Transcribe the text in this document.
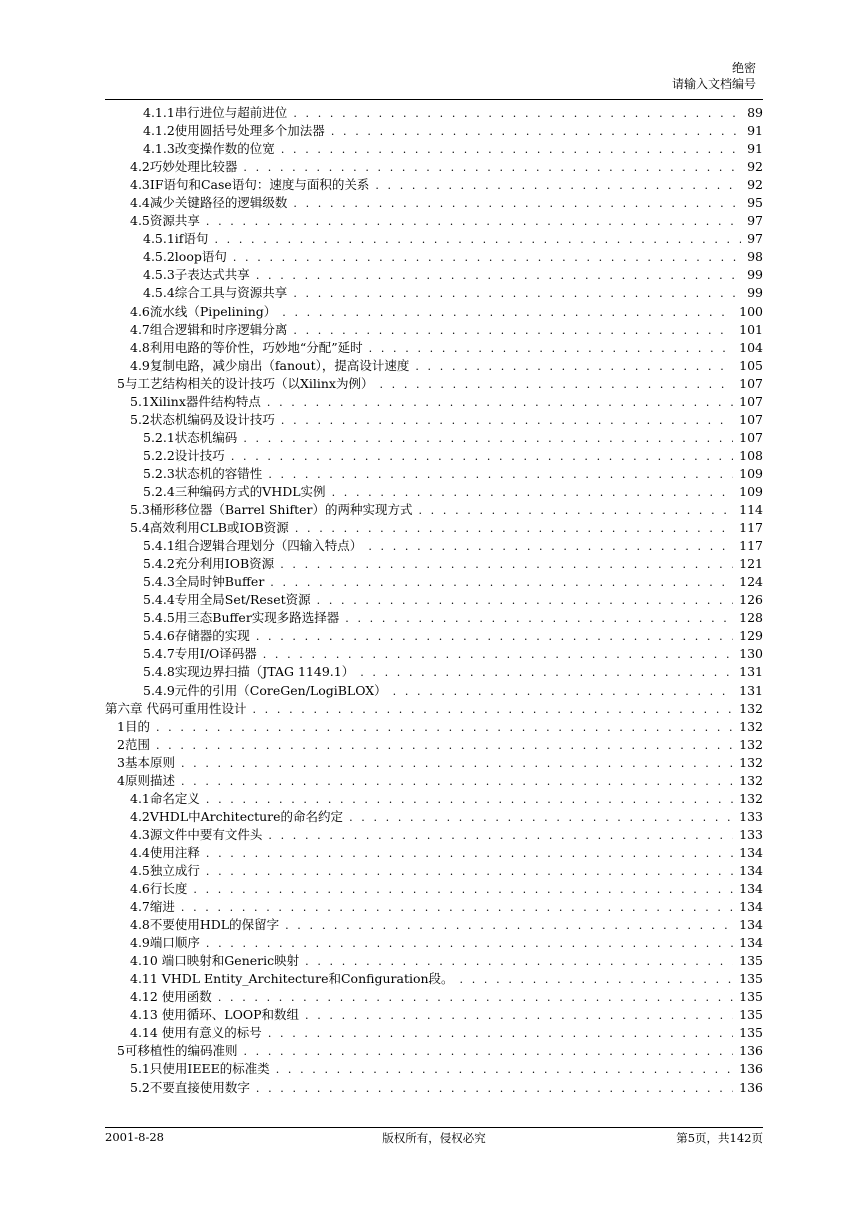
绝密
请输入文档编号
4.1.1串行进位与超前进位 . . .	89
4.1.2使用圆括号处理多个加法器 . . .	91
4.1.3改变操作数的位宽 . . .	91
4.2巧妙处理比较器 . . .	92
4.3IF语句和Case语句：速度与面积的关系 . . .	92
4.4减少关键路径的逻辑级数 . . .	95
4.5资源共享 . . .	97
4.5.1if语句 . . .	97
4.5.2loop语句 . . .	98
4.5.3子表达式共享 . . .	99
4.5.4综合工具与资源共享 . . .	99
4.6流水线（Pipelining） . . .	100
4.7组合逻辑和时序逻辑分离 . . .	101
4.8利用电路的等价性，巧妙地“分配”延时 . . .	104
4.9复制电路，减少扇出（fanout），提高设计速度 . . .	105
5与工艺结构相关的设计技巧（以Xilinx为例） . . .	107
5.1Xilinx器件结构特点 . . .	107
5.2状态机编码及设计技巧 . . .	107
5.2.1状态机编码 . . .	107
5.2.2设计技巧 . . .	108
5.2.3状态机的容错性 . . .	109
5.2.4三种编码方式的VHDL实例 . . .	109
5.3桶形移位器（Barrel Shifter）的两种实现方式 . . .	114
5.4高效利用CLB或IOB资源 . . .	117
5.4.1组合逻辑合理划分（四输入特点） . . .	117
5.4.2充分利用IOB资源 . . .	121
5.4.3全局时钟Buffer . . .	124
5.4.4专用全局Set/Reset资源 . . .	126
5.4.5用三态Buffer实现多路选择器 . . .	128
5.4.6存储器的实现 . . .	129
5.4.7专用I/O译码器 . . .	130
5.4.8实现边界扫描（JTAG 1149.1） . . .	131
5.4.9元件的引用（CoreGen/LogiBLOX） . . .	131
第六章 代码可重用性设计 . . .	132
1目的 . . .	132
2范围 . . .	132
3基本原则 . . .	132
4原则描述 . . .	132
4.1命名定义 . . .	132
4.2VHDL中Architecture的命名约定 . . .	133
4.3源文件中要有文件头 . . .	133
4.4使用注释 . . .	134
4.5独立成行 . . .	134
4.6行长度 . . .	134
4.7缩进 . . .	134
4.8不要使用HDL的保留字 . . .	134
4.9端口顺序 . . .	134
4.10 端口映射和Generic映射 . . .	135
4.11 VHDL Entity_Architecture和Configuration段。 . . .	135
4.12 使用函数 . . .	135
4.13 使用循环、LOOP和数组 . . .	135
4.14 使用有意义的标号 . . .	135
5可移植性的编码准则 . . .	136
5.1只使用IEEE的标准类 . . .	136
5.2不要直接使用数字 . . .	136
2001-8-28	版权所有，侵权必究	第5页，共142页
